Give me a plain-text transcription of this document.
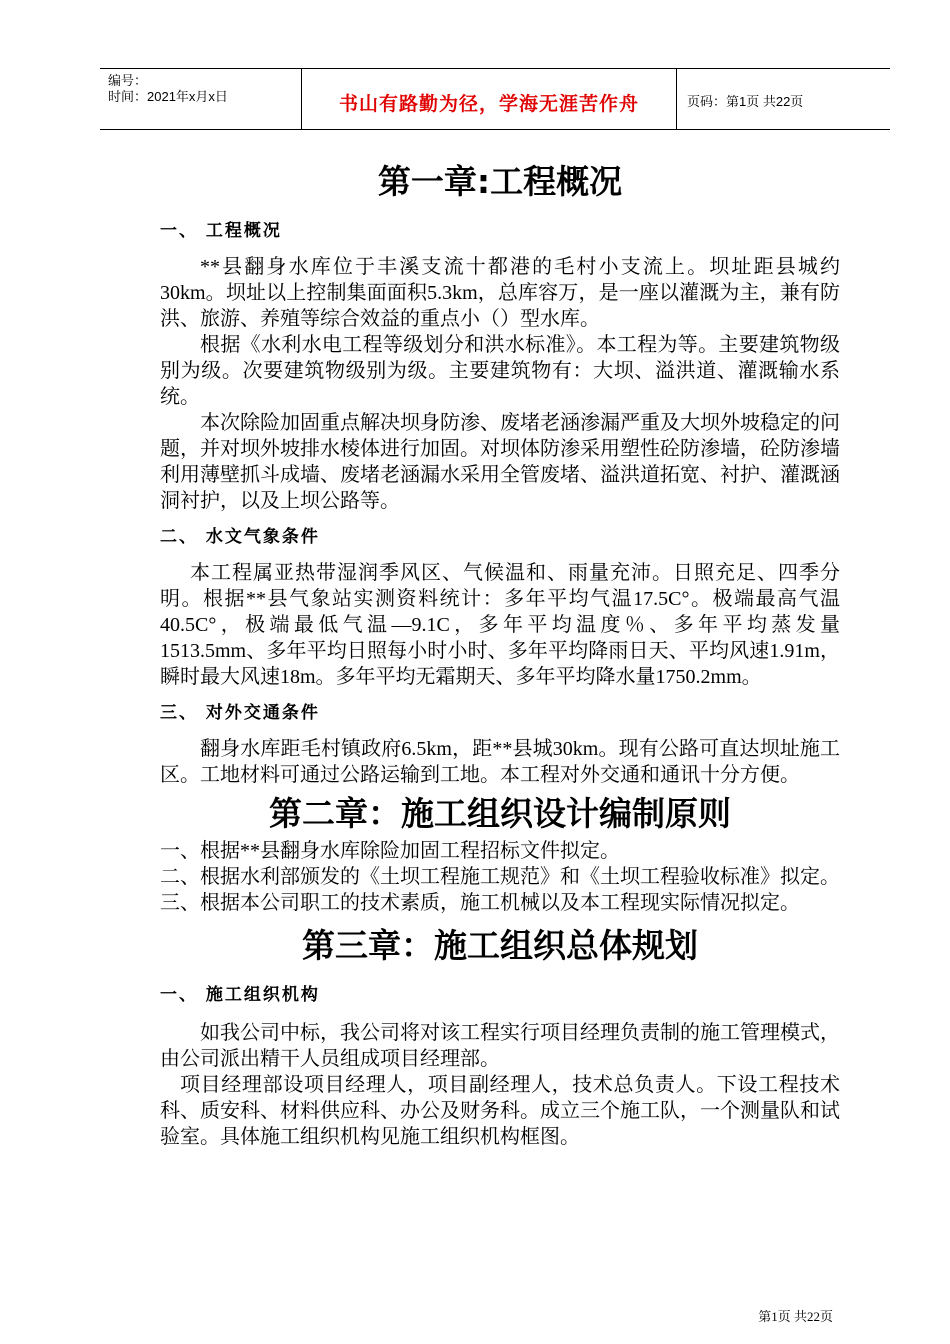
编号：
时间：2021年x月x日	书山有路勤为径，学海无涯苦作舟	页码：第1页 共22页
第一章:工程概况
一、 工程概况

**县翻身水库位于丰溪支流十都港的毛村小支流上。坝址距县城约30km。坝址以上控制集面面积5.3km，总库容万，是一座以灌溉为主，兼有防洪、旅游、养殖等综合效益的重点小（）型水库。

根据《水利水电工程等级划分和洪水标准》。本工程为等。主要建筑物级别为级。次要建筑物级别为级。主要建筑物有：大坝、溢洪道、灌溉输水系统。

本次除险加固重点解决坝身防渗、废堵老涵渗漏严重及大坝外坡稳定的问题，并对坝外坡排水棱体进行加固。对坝体防渗采用塑性砼防渗墙，砼防渗墙利用薄壁抓斗成墙、废堵老涵漏水采用全管废堵、溢洪道拓宽、衬护、灌溉涵洞衬护，以及上坝公路等。

二、 水文气象条件

本工程属亚热带湿润季风区、气候温和、雨量充沛。日照充足、四季分明。根据**县气象站实测资料统计：多年平均气温17.5C°。极端最高气温40.5C°，极端最低气温—9.1C，多年平均温度％、多年平均蒸发量1513.5mm、多年平均日照每小时小时、多年平均降雨日天、平均风速1.91m，瞬时最大风速18m。多年平均无霜期天、多年平均降水量1750.2mm。

三、 对外交通条件

翻身水库距毛村镇政府6.5km，距**县城30km。现有公路可直达坝址施工区。工地材料可通过公路运输到工地。本工程对外交通和通讯十分方便。

第二章：施工组织设计编制原则

一、根据**县翻身水库除险加固工程招标文件拟定。

二、根据水利部颁发的《土坝工程施工规范》和《土坝工程验收标准》拟定。

三、根据本公司职工的技术素质，施工机械以及本工程现实际情况拟定。

第三章：施工组织总体规划
一、 施工组织机构

如我公司中标，我公司将对该工程实行项目经理负责制的施工管理模式，由公司派出精干人员组成项目经理部。

项目经理部设项目经理人，项目副经理人，技术总负责人。下设工程技术科、质安科、材料供应科、办公及财务科。成立三个施工队，一个测量队和试验室。具体施工组织机构见施工组织机构框图。

第1页 共22页
